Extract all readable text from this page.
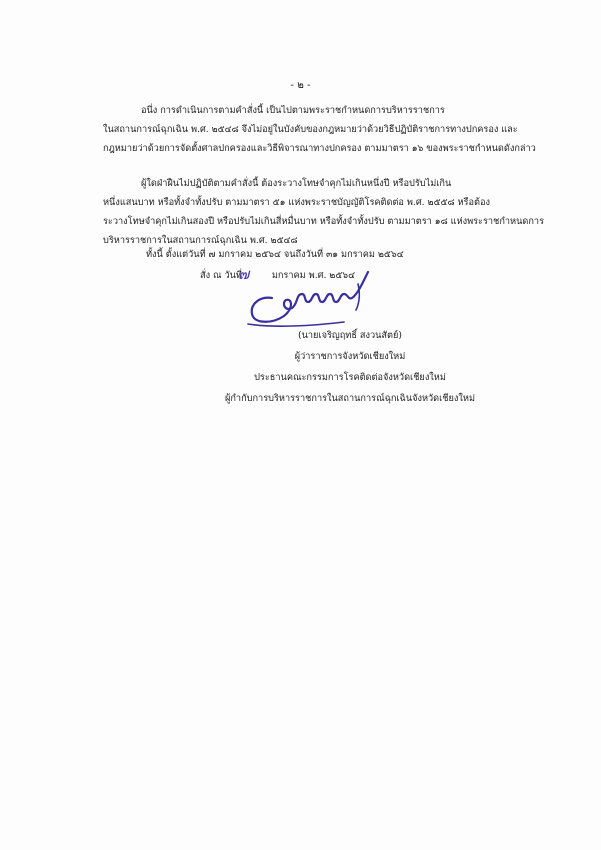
- ๒ -

อนึ่ง การดำเนินการตามคำสั่งนี้ เป็นไปตามพระราชกำหนดการบริหารราชการ

ในสถานการณ์ฉุกเฉิน พ.ศ. ๒๕๔๘ จึงไม่อยู่ในบังคับของกฎหมายว่าด้วยวิธีปฏิบัติราชการทางปกครอง และ

กฎหมายว่าด้วยการจัดตั้งศาลปกครองและวิธีพิจารณาทางปกครอง ตามมาตรา ๑๖ ของพระราชกำหนดดังกล่าว

ผู้ใดฝ่าฝืนไม่ปฏิบัติตามคำสั่งนี้ ต้องระวางโทษจำคุกไม่เกินหนึ่งปี หรือปรับไม่เกิน

หนึ่งแสนบาท หรือทั้งจำทั้งปรับ ตามมาตรา ๕๑ แห่งพระราชบัญญัติโรคติดต่อ พ.ศ. ๒๕๕๘ หรือต้อง

ระวางโทษจำคุกไม่เกินสองปี หรือปรับไม่เกินสี่หมื่นบาท หรือทั้งจำทั้งปรับ ตามมาตรา ๑๘ แห่งพระราชกำหนดการ

บริหารราชการในสถานการณ์ฉุกเฉิน พ.ศ. ๒๕๔๘

ทั้งนี้ ตั้งแต่วันที่ ๗ มกราคม ๒๕๖๔ จนถึงวันที่ ๓๑ มกราคม ๒๕๖๔
สั่ง ณ วันที่
๗ มกราคม พ.ศ. ๒๕๖๔
(นายเจริญฤทธิ์ สงวนสัตย์)
ผู้ว่าราชการจังหวัดเชียงใหม่
ประธานคณะกรรมการโรคติดต่อจังหวัดเชียงใหม่
ผู้กำกับการบริหารราชการในสถานการณ์ฉุกเฉินจังหวัดเชียงใหม่
